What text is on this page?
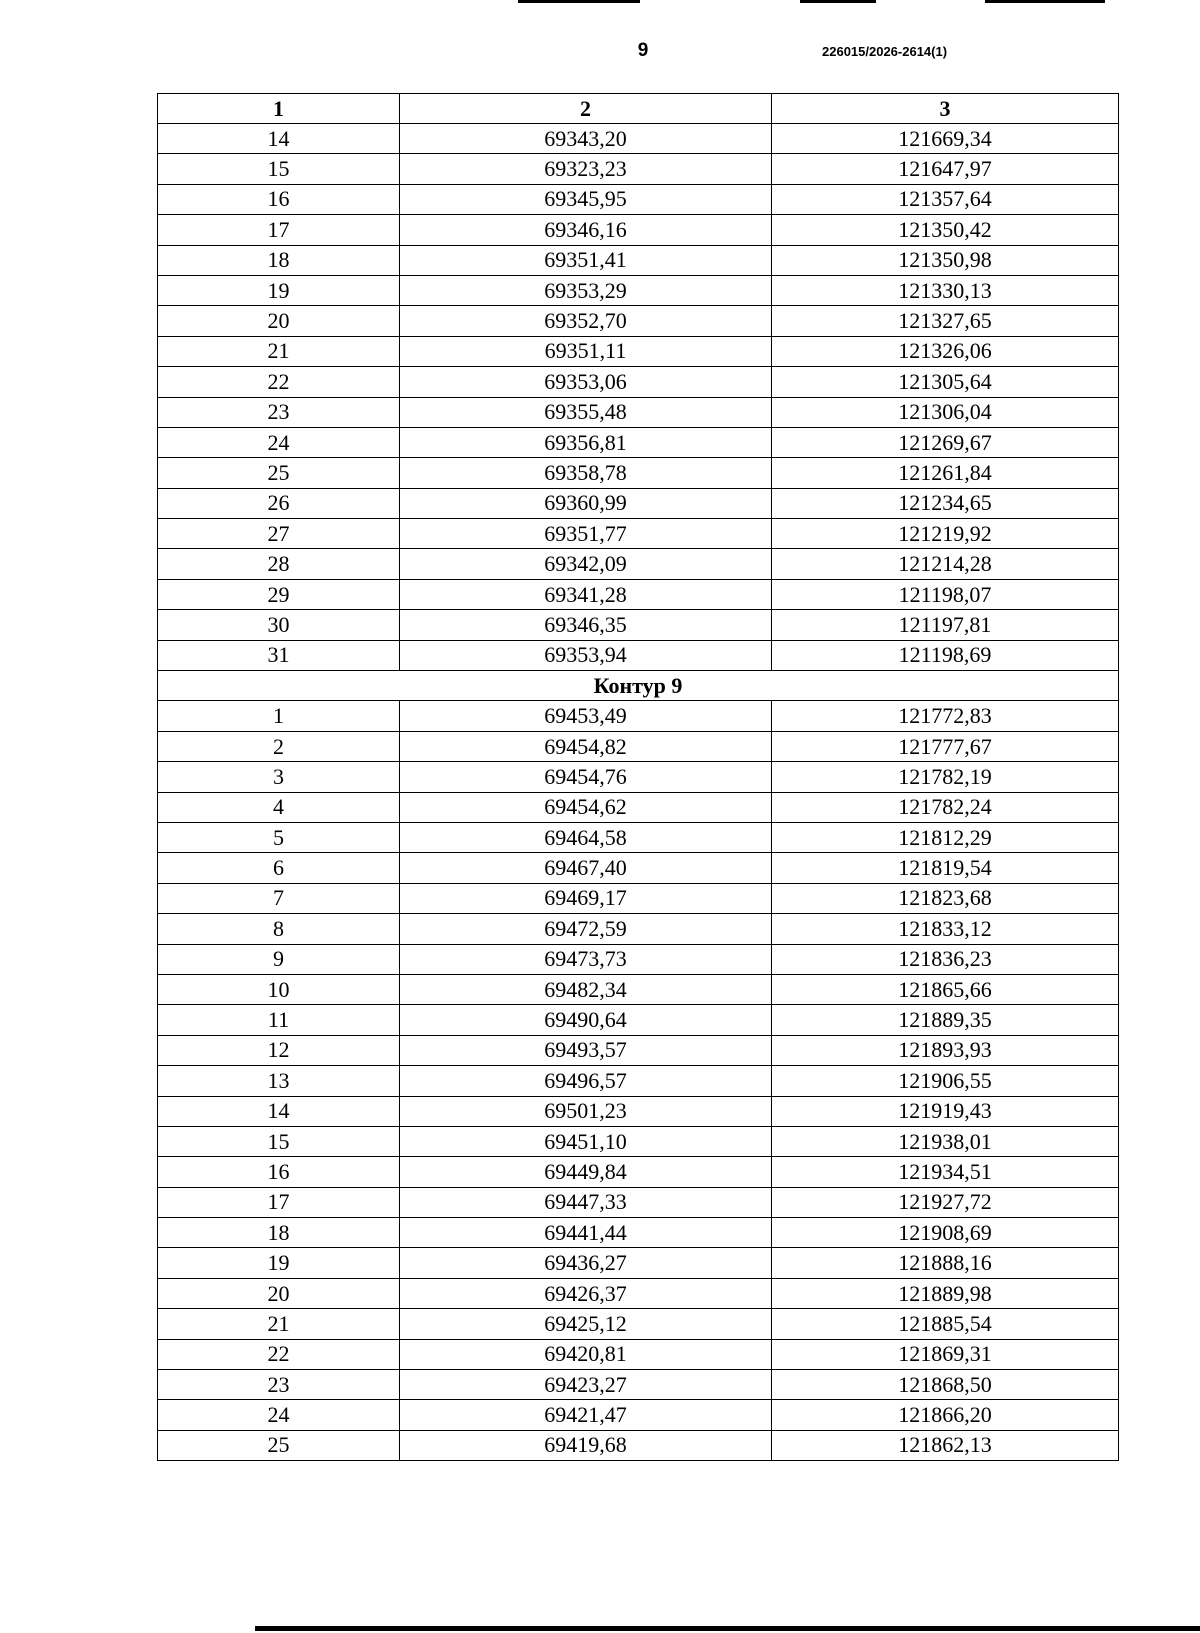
9	226015/2026-2614(1)
1	2	3
14	69343,20	121669,34
15	69323,23	121647,97
16	69345,95	121357,64
17	69346,16	121350,42
18	69351,41	121350,98
19	69353,29	121330,13
20	69352,70	121327,65
21	69351,11	121326,06
22	69353,06	121305,64
23	69355,48	121306,04
24	69356,81	121269,67
25	69358,78	121261,84
26	69360,99	121234,65
27	69351,77	121219,92
28	69342,09	121214,28
29	69341,28	121198,07
30	69346,35	121197,81
31	69353,94	121198,69
Контур 9		
1	69453,49	121772,83
2	69454,82	121777,67
3	69454,76	121782,19
4	69454,62	121782,24
5	69464,58	121812,29
6	69467,40	121819,54
7	69469,17	121823,68
8	69472,59	121833,12
9	69473,73	121836,23
10	69482,34	121865,66
11	69490,64	121889,35
12	69493,57	121893,93
13	69496,57	121906,55
14	69501,23	121919,43
15	69451,10	121938,01
16	69449,84	121934,51
17	69447,33	121927,72
18	69441,44	121908,69
19	69436,27	121888,16
20	69426,37	121889,98
21	69425,12	121885,54
22	69420,81	121869,31
23	69423,27	121868,50
24	69421,47	121866,20
25	69419,68	121862,13
